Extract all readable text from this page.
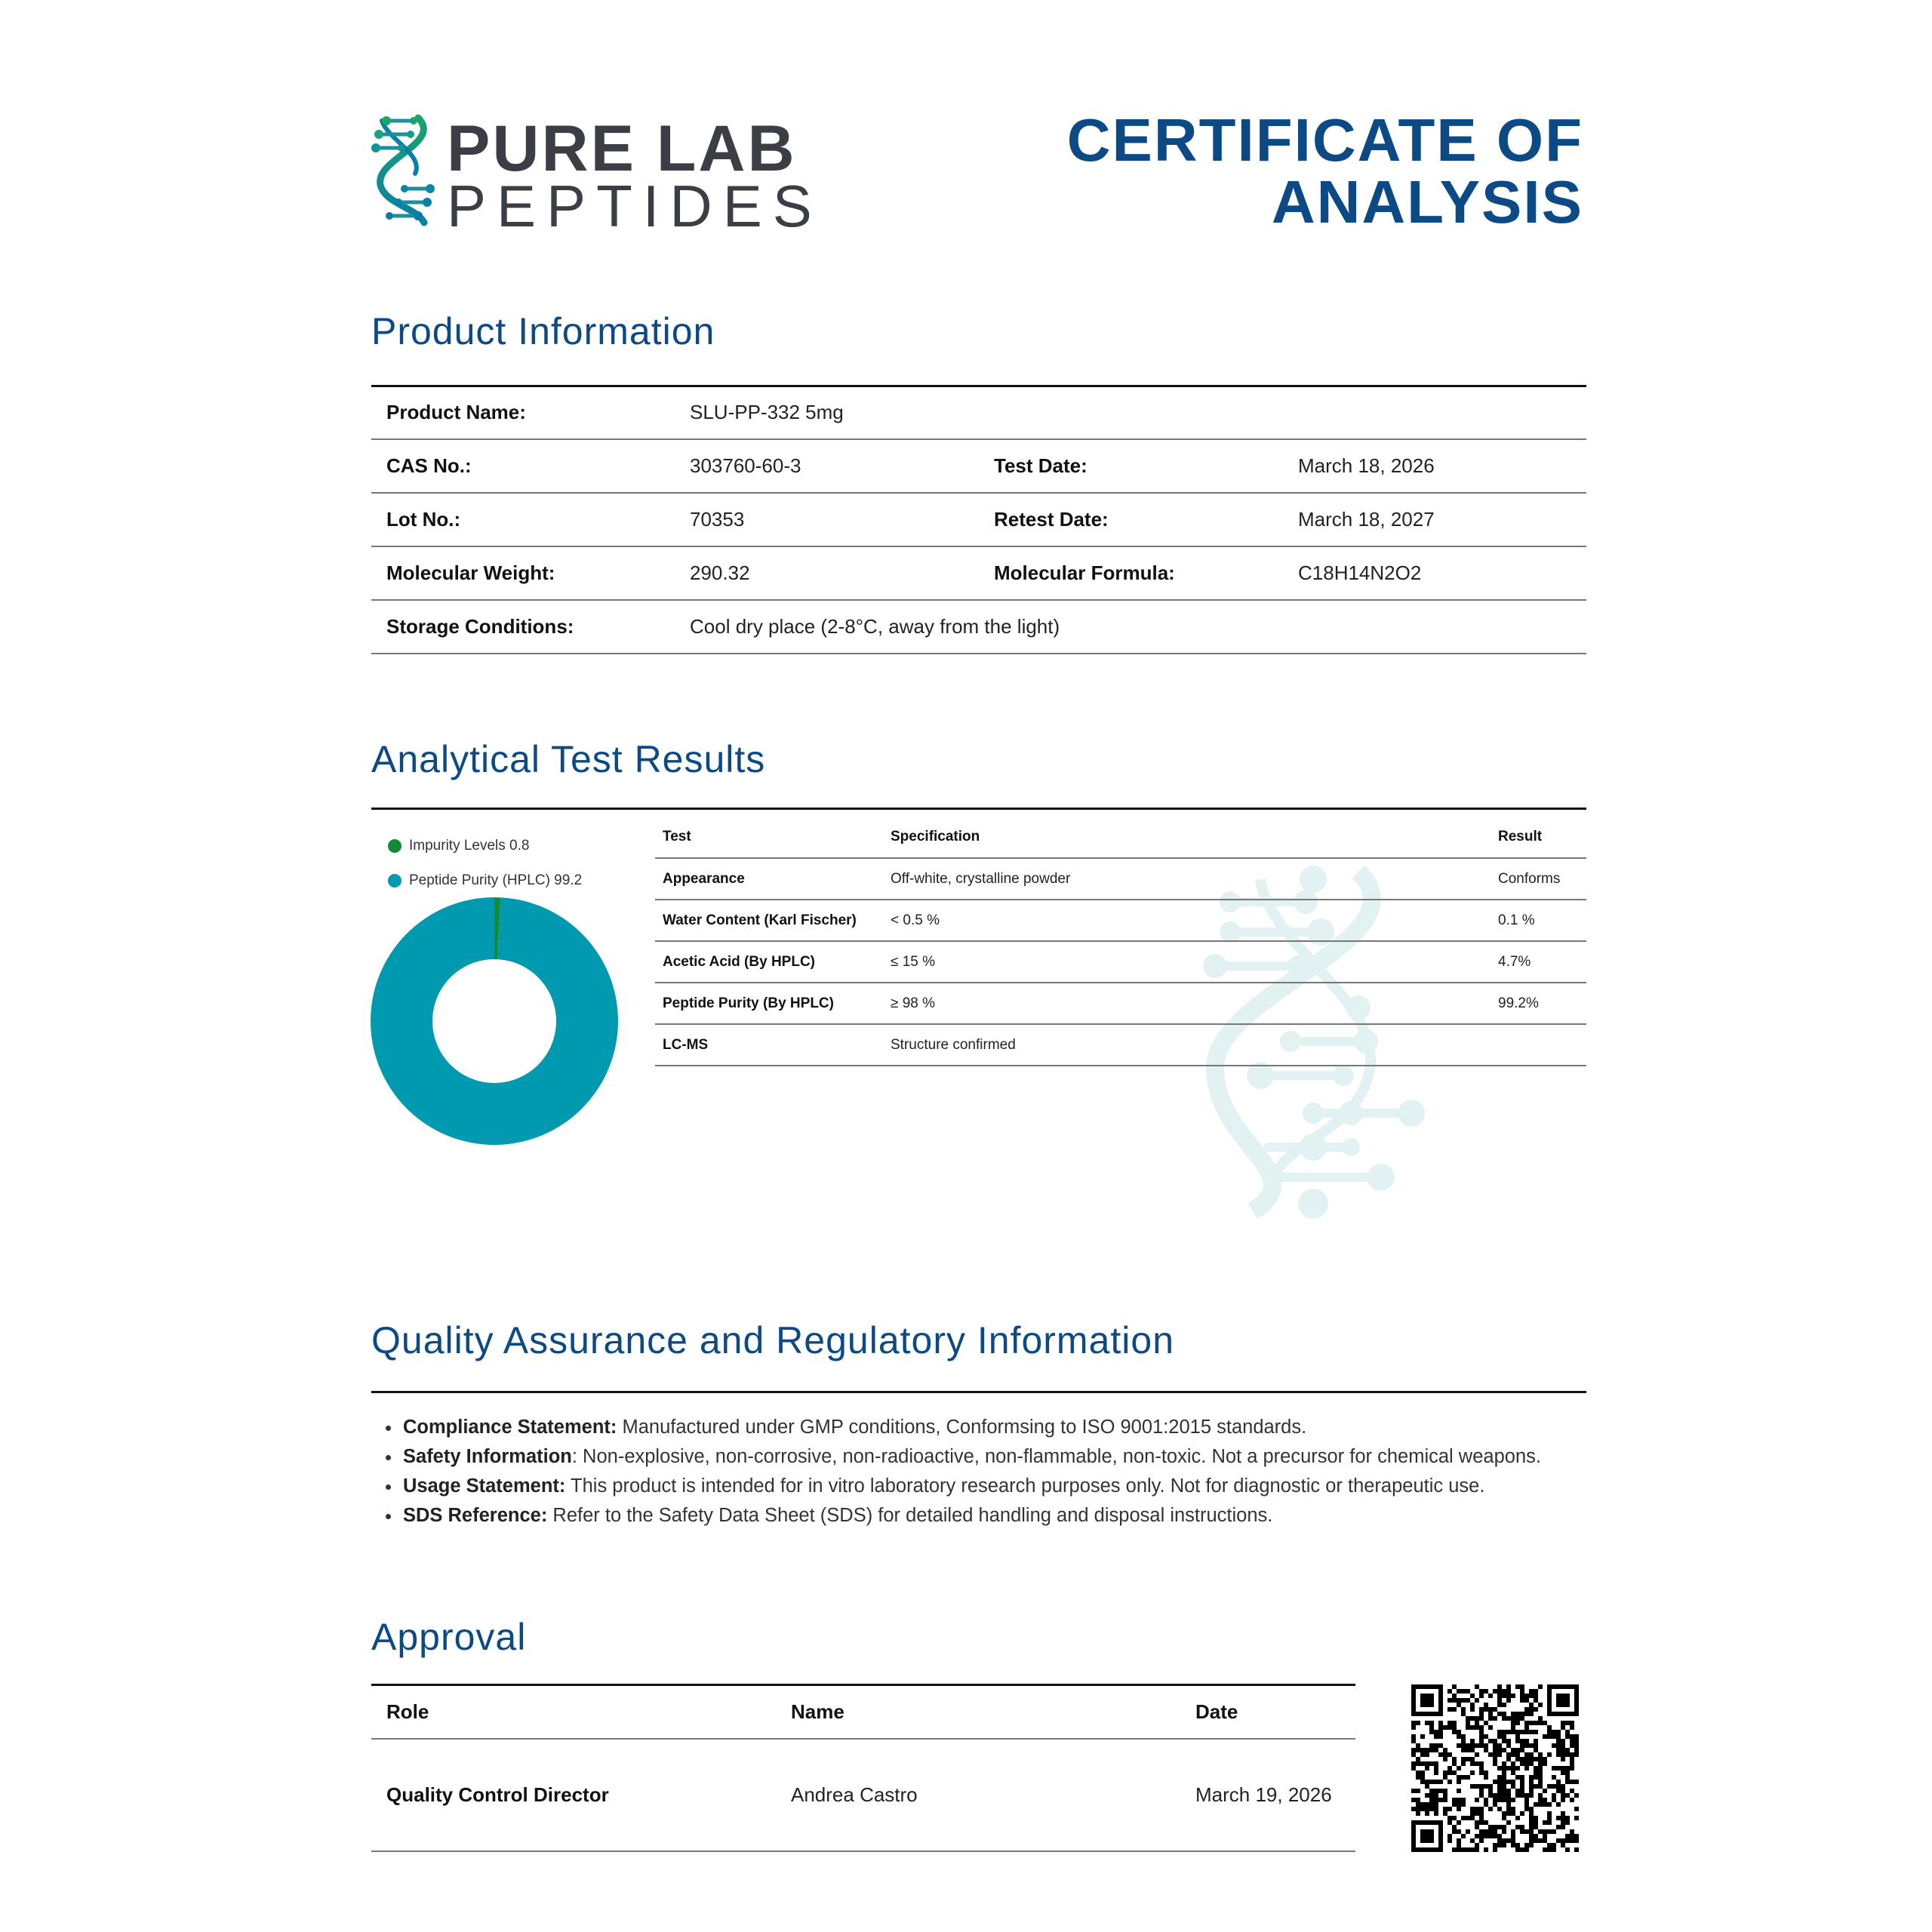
PURE LAB
PEPTIDES
CERTIFICATE OF
ANALYSIS
Product Information
Product Name:	SLU-PP-332 5mg		
CAS No.:	303760-60-3	Test Date:	March 18, 2026
Lot No.:	70353	Retest Date:	March 18, 2027
Molecular Weight:	290.32	Molecular Formula:	C18H14N2O2
Storage Conditions:	Cool dry place (2-8°C, away from the light)		
Analytical Test Results
Impurity Levels 0.8
Peptide Purity (HPLC) 99.2
Test	Specification	Result
Appearance	Off-white, crystalline powder	Conforms
Water Content (Karl Fischer)	< 0.5 %	0.1 %
Acetic Acid (By HPLC)	≤ 15 %	4.7%
Peptide Purity (By HPLC)	≥ 98 %	99.2%
LC-MS	Structure confirmed	
Quality Assurance and Regulatory Information
• Compliance Statement: Manufactured under GMP conditions, Conformsing to ISO 9001:2015 standards.
• Safety Information: Non-explosive, non-corrosive, non-radioactive, non-flammable, non-toxic. Not a precursor for chemical weapons.
• Usage Statement: This product is intended for in vitro laboratory research purposes only. Not for diagnostic or therapeutic use.
• SDS Reference: Refer to the Safety Data Sheet (SDS) for detailed handling and disposal instructions.
Approval
Role	Name	Date
Quality Control Director	Andrea Castro	March 19, 2026
